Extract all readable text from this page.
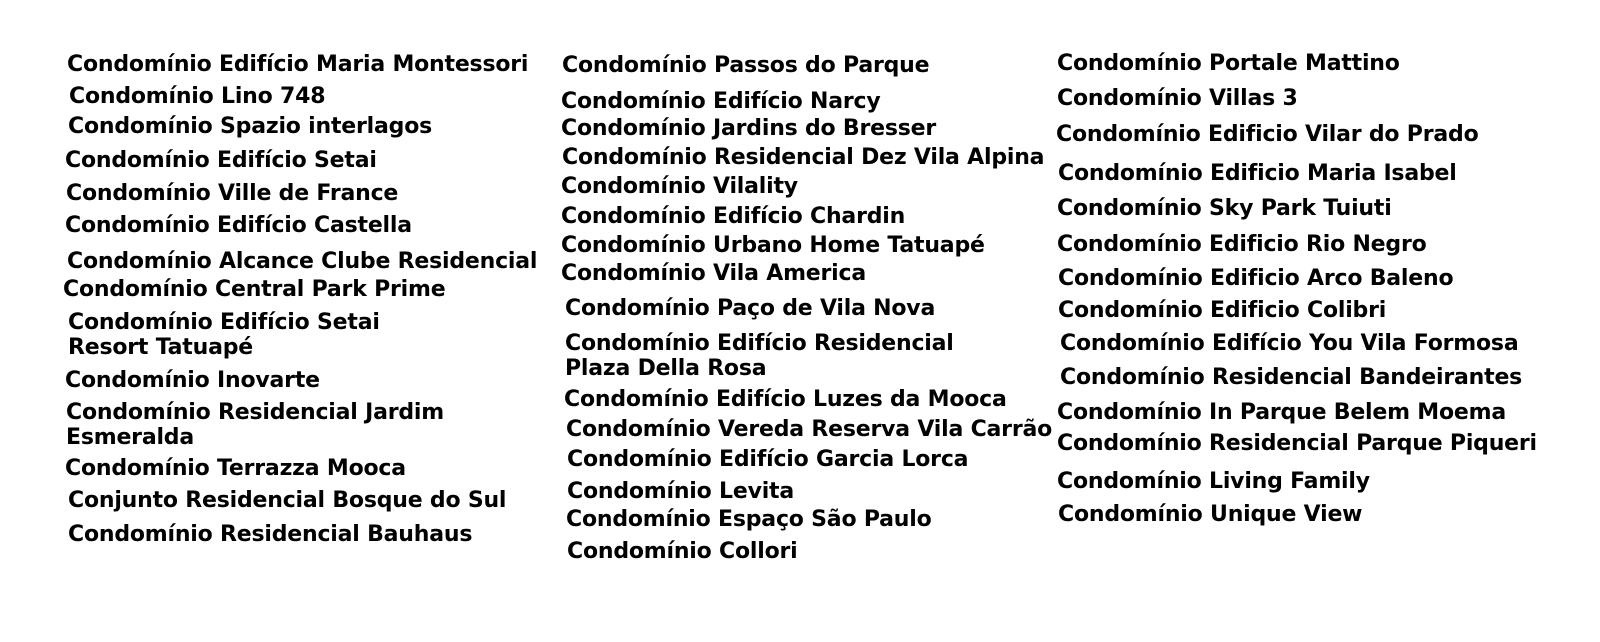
Condomínio Edifício Maria Montessori
Condomínio Lino 748
Condomínio Spazio interlagos
Condomínio Edifício Setai
Condomínio Ville de France
Condomínio Edifício Castella
Condomínio Alcance Clube Residencial
Condomínio Central Park Prime
Condomínio Edifício Setai
Resort Tatuapé
Condomínio Inovarte
Condomínio Residencial Jardim
Esmeralda
Condomínio Terrazza Mooca
Conjunto Residencial Bosque do Sul
Condomínio Residencial Bauhaus
Condomínio Passos do Parque
Condomínio Edifício Narcy
Condomínio Jardins do Bresser
Condomínio Residencial Dez Vila Alpina
Condomínio Vilality
Condomínio Edifício Chardin
Condomínio Urbano Home Tatuapé
Condomínio Vila America
Condomínio Paço de Vila Nova
Condomínio Edifício Residencial
Plaza Della Rosa
Condomínio Edifício Luzes da Mooca
Condomínio Vereda Reserva Vila Carrão
Condomínio Edifício Garcia Lorca
Condomínio Levita
Condomínio Espaço São Paulo
Condomínio Collori
Condomínio Portale Mattino
Condomínio Villas 3
Condomínio Edificio Vilar do Prado
Condomínio Edificio Maria Isabel
Condomínio Sky Park Tuiuti
Condomínio Edificio Rio Negro
Condomínio Edificio Arco Baleno
Condomínio Edificio Colibri
Condomínio Edifício You Vila Formosa
Condomínio Residencial Bandeirantes
Condomínio In Parque Belem Moema
Condomínio Residencial Parque Piqueri
Condomínio Living Family
Condomínio Unique View
